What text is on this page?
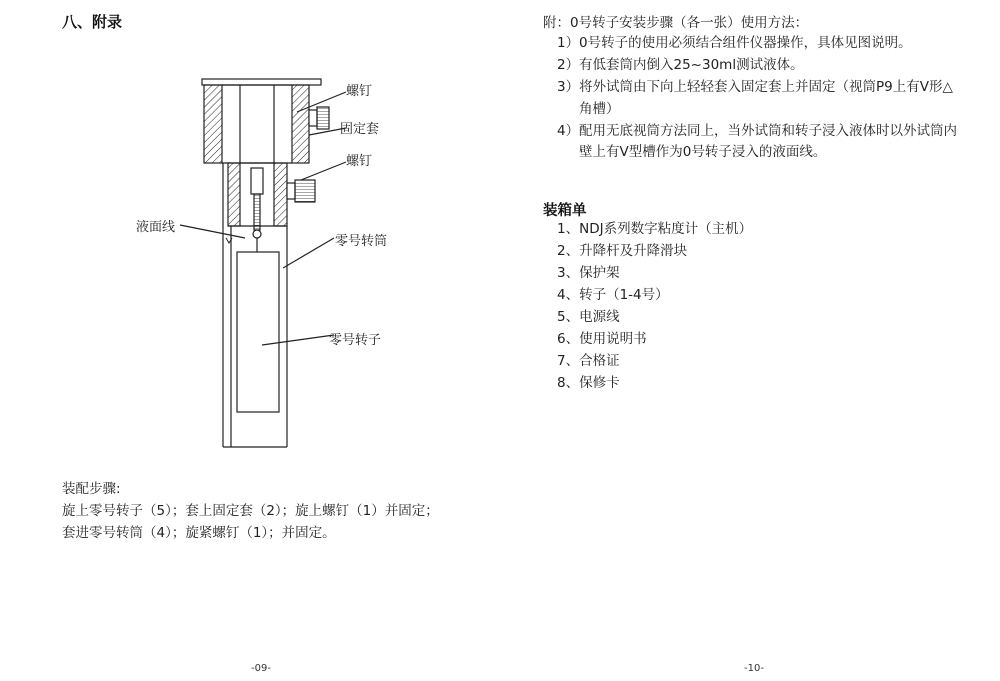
八、附录
螺钉
固定套
螺钉
液面线
零号转筒
零号转子
装配步骤:
旋上零号转子（5）；套上固定套（2）；旋上螺钉（1）并固定；
套进零号转筒（4）；旋紧螺钉（1）；并固定。
-09-
附：0号转子安装步骤（各一张）使用方法：
1） 0号转子的使用必须结合组件仪器操作，具体见图说明。
2） 有低套筒内倒入25~30ml测试液体。
3） 将外试筒由下向上轻轻套入固定套上并固定（视筒P9上有V形△角槽）
4） 配用无底视筒方法同上，当外试筒和转子浸入液体时以外试筒内壁上有V型槽作为0号转子浸入的液面线。
装箱单
1、NDJ系列数字粘度计（主机）
2、升降杆及升降滑块
3、保护架
4、转子（1-4号）
5、电源线
6、使用说明书
7、合格证
8、保修卡
-10-
